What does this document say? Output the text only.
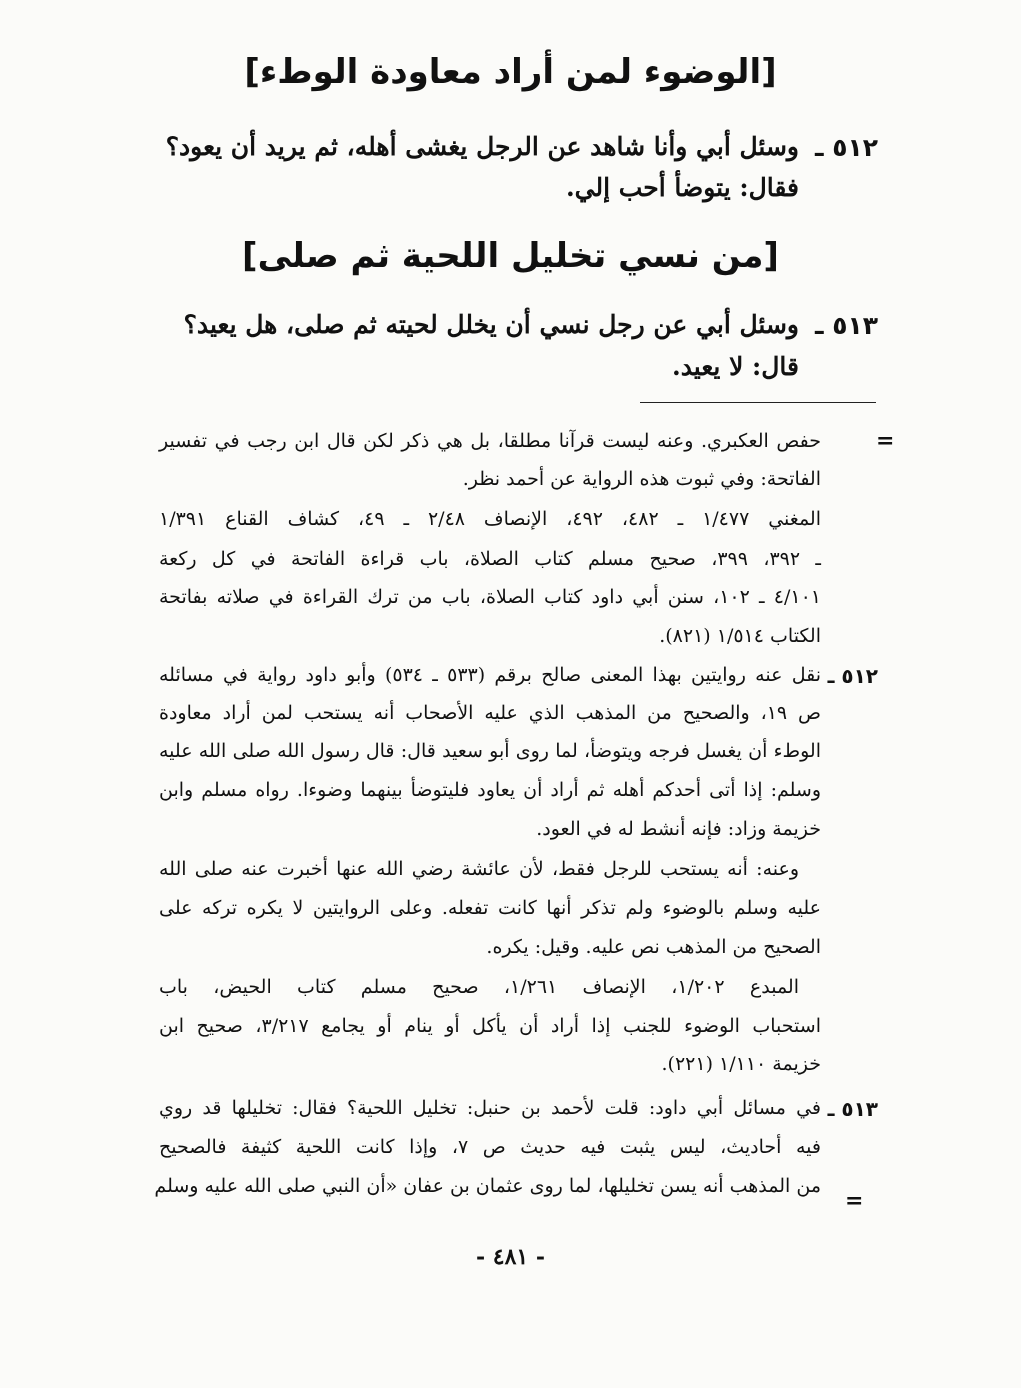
[الوضوء لمن أراد معاودة الوطء]
٥١٢ ـ
وسئل أبي وأنا شاهد عن الرجل يغشى أهله، ثم يريد أن يعود؟
فقال: يتوضأ أحب إلي.
[من نسي تخليل اللحية ثم صلى]
٥١٣ ـ
وسئل أبي عن رجل نسي أن يخلل لحيته ثم صلى، هل يعيد؟
قال: لا يعيد.
=
=
حفص العكبري. وعنه ليست قرآنا مطلقا، بل هي ذكر لكن قال ابن رجب في تفسير
الفاتحة: وفي ثبوت هذه الرواية عن أحمد نظر.
المغني ١/٤٧٧ ـ ٤٨٢، ٤٩٢، الإنصاف ٢/٤٨ ـ ٤٩، كشاف القناع ١/٣٩١
ـ ٣٩٢، ٣٩٩، صحيح مسلم كتاب الصلاة، باب قراءة الفاتحة في كل ركعة
٤/١٠١ ـ ١٠٢، سنن أبي داود كتاب الصلاة، باب من ترك القراءة في صلاته بفاتحة
الكتاب ١/٥١٤ (٨٢١).
٥١٢ ـ
نقل عنه روايتين بهذا المعنى صالح برقم (٥٣٣ ـ ٥٣٤) وأبو داود رواية في مسائله
ص ١٩، والصحيح من المذهب الذي عليه الأصحاب أنه يستحب لمن أراد معاودة
الوطء أن يغسل فرجه ويتوضأ، لما روى أبو سعيد قال: قال رسول الله صلى الله عليه
وسلم: إذا أتى أحدكم أهله ثم أراد أن يعاود فليتوضأ بينهما وضوءا. رواه مسلم وابن
خزيمة وزاد: فإنه أنشط له في العود.
وعنه: أنه يستحب للرجل فقط، لأن عائشة رضي الله عنها أخبرت عنه صلى الله
عليه وسلم بالوضوء ولم تذكر أنها كانت تفعله. وعلى الروايتين لا يكره تركه على
الصحيح من المذهب نص عليه. وقيل: يكره.
المبدع ١/٢٠٢، الإنصاف ١/٢٦١، صحيح مسلم كتاب الحيض، باب
استحباب الوضوء للجنب إذا أراد أن يأكل أو ينام أو يجامع ٣/٢١٧، صحيح ابن
خزيمة ١/١١٠ (٢٢١).
٥١٣ ـ
في مسائل أبي داود: قلت لأحمد بن حنبل: تخليل اللحية؟ فقال: تخليلها قد روي
فيه أحاديث، ليس يثبت فيه حديث ص ٧، وإذا كانت اللحية كثيفة فالصحيح
من المذهب أنه يسن تخليلها، لما روى عثمان بن عفان «أن النبي صلى الله عليه وسلم
- ٤٨١ -
